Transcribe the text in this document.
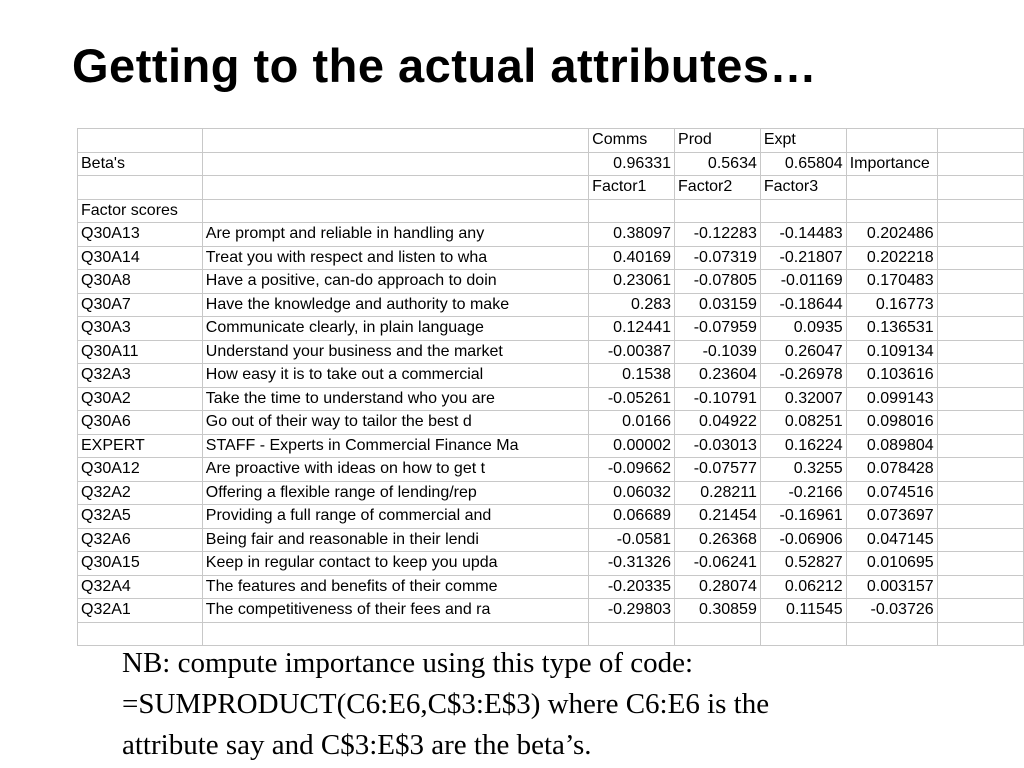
Getting to the actual attributes…
		Comms	Prod	Expt		
Beta's		0.96331	0.5634	0.65804	Importance	
		Factor1	Factor2	Factor3		
Factor scores						
Q30A13	Are prompt and reliable in handling any	0.38097	-0.12283	-0.14483	0.202486	
Q30A14	Treat you with respect and listen to wha	0.40169	-0.07319	-0.21807	0.202218	
Q30A8	Have a positive, can-do approach to doin	0.23061	-0.07805	-0.01169	0.170483	
Q30A7	Have the knowledge and authority to make	0.283	0.03159	-0.18644	0.16773	
Q30A3	Communicate clearly, in plain language	0.12441	-0.07959	0.0935	0.136531	
Q30A11	Understand your business and the market	-0.00387	-0.1039	0.26047	0.109134	
Q32A3	How easy it is to take out a commercial	0.1538	0.23604	-0.26978	0.103616	
Q30A2	Take the time to understand who you are	-0.05261	-0.10791	0.32007	0.099143	
Q30A6	Go out of their way to tailor the best d	0.0166	0.04922	0.08251	0.098016	
EXPERT	STAFF - Experts in Commercial Finance Ma	0.00002	-0.03013	0.16224	0.089804	
Q30A12	Are proactive with ideas on how to get t	-0.09662	-0.07577	0.3255	0.078428	
Q32A2	Offering a flexible range of lending/rep	0.06032	0.28211	-0.2166	0.074516	
Q32A5	Providing a full range of commercial and	0.06689	0.21454	-0.16961	0.073697	
Q32A6	Being fair and reasonable in their lendi	-0.0581	0.26368	-0.06906	0.047145	
Q30A15	Keep in regular contact to keep you upda	-0.31326	-0.06241	0.52827	0.010695	
Q32A4	The features and benefits of their comme	-0.20335	0.28074	0.06212	0.003157	
Q32A1	The competitiveness of their fees and ra	-0.29803	0.30859	0.11545	-0.03726	

NB: compute importance using this type of code:
=SUMPRODUCT(C6:E6,C$3:E$3) where C6:E6 is the
attribute say and C$3:E$3 are the beta’s.
